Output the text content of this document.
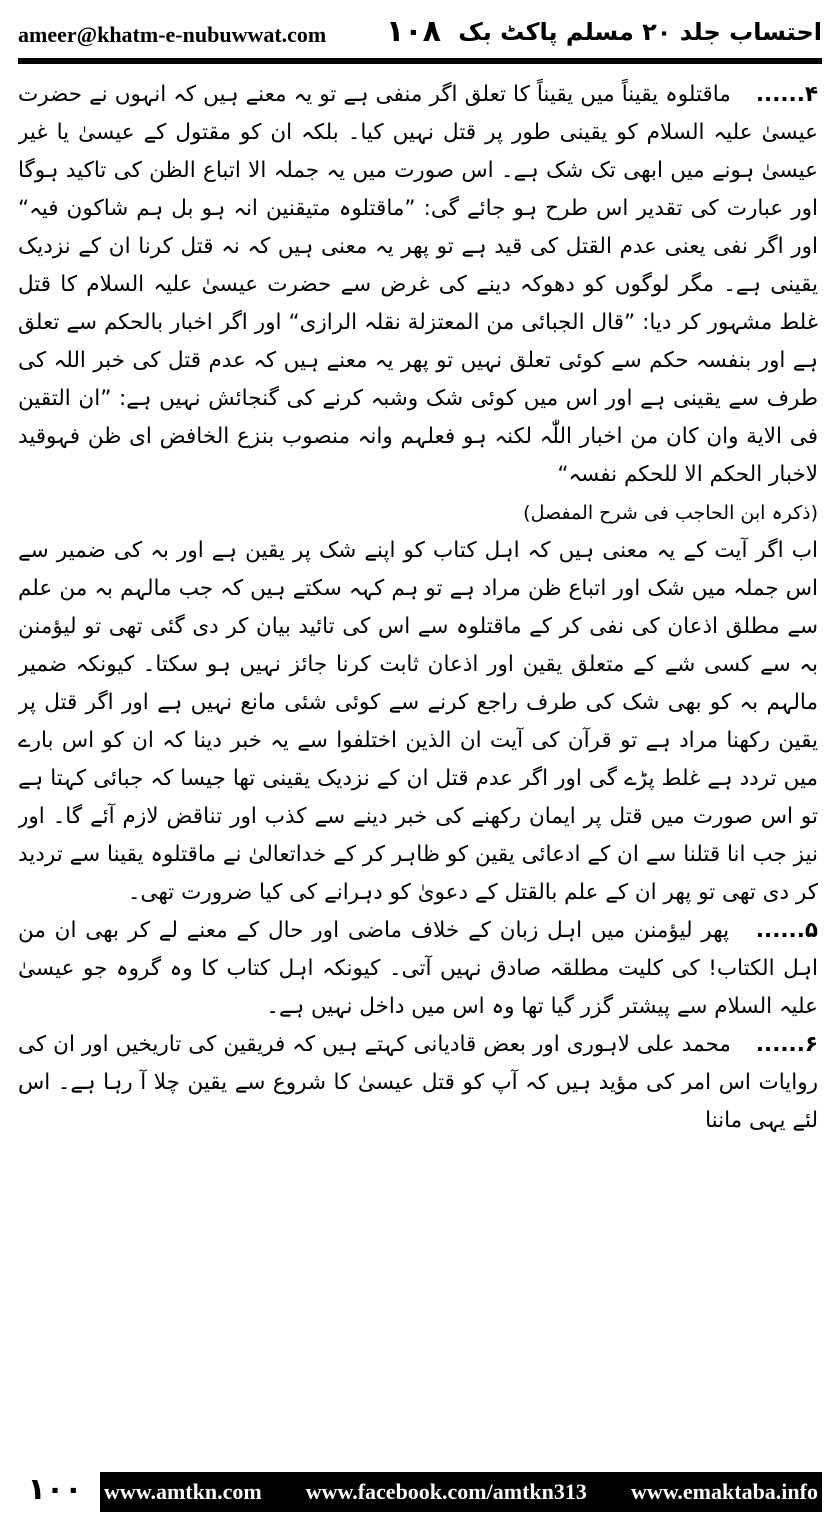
ameer@khatm-e-nubuwwat.com ۱۰۸ احتساب جلد ۲۰ مسلم پاکٹ بک

۴...... ماقتلوہ یقیناً میں یقیناً کا تعلق اگر منفی ہے تو یہ معنے ہیں کہ انہوں نے حضرت عیسیٰ علیہ السلام کو یقینی طور پر قتل نہیں کیا۔ بلکہ ان کو مقتول کے عیسیٰ یا غیر عیسیٰ ہونے میں ابھی تک شک ہے۔ اس صورت میں یہ جملہ الا اتباع الظن کی تاکید ہوگا اور عبارت کی تقدیر اس طرح ہو جائے گی: ”ماقتلوہ متیقنین انہ ہو بل ہم شاکون فیہ“ اور اگر نفی یعنی عدم القتل کی قید ہے تو پھر یہ معنی ہیں کہ نہ قتل کرنا ان کے نزدیک یقینی ہے۔ مگر لوگوں کو دھوکہ دینے کی غرض سے حضرت عیسیٰ علیہ السلام کا قتل غلط مشہور کر دیا: ”قال الجبائی من المعتزلة نقلہ الرازی“ اور اگر اخبار بالحکم سے تعلق ہے اور بنفسہ حکم سے کوئی تعلق نہیں تو پھر یہ معنے ہیں کہ عدم قتل کی خبر اللہ کی طرف سے یقینی ہے اور اس میں کوئی شک وشبہ کرنے کی گنجائش نہیں ہے: ”ان التقین فی الایة وان کان من اخبار اللّٰہ لکنہ ہو فعلہم وانہ منصوب بنزع الخافض ای ظن فہوقید لاخبار الحکم الا للحکم نفسہ“

(ذکرہ ابن الحاجب فی شرح المفصل)

اب اگر آیت کے یہ معنی ہیں کہ اہل کتاب کو اپنے شک پر یقین ہے اور بہ کی ضمیر سے اس جملہ میں شک اور اتباع ظن مراد ہے تو ہم کہہ سکتے ہیں کہ جب مالہم بہ من علم سے مطلق اذعان کی نفی کر کے ماقتلوہ سے اس کی تائید بیان کر دی گئی تھی تو لیؤمنن بہ سے کسی شے کے متعلق یقین اور اذعان ثابت کرنا جائز نہیں ہو سکتا۔ کیونکہ ضمیر مالہم بہ کو بھی شک کی طرف راجع کرنے سے کوئی شئی مانع نہیں ہے اور اگر قتل پر یقین رکھنا مراد ہے تو قرآن کی آیت ان الذین اختلفوا سے یہ خبر دینا کہ ان کو اس بارے میں تردد ہے غلط پڑے گی اور اگر عدم قتل ان کے نزدیک یقینی تھا جیسا کہ جبائی کہتا ہے تو اس صورت میں قتل پر ایمان رکھنے کی خبر دینے سے کذب اور تناقض لازم آئے گا۔ اور نیز جب انا قتلنا سے ان کے ادعائی یقین کو ظاہر کر کے خداتعالیٰ نے ماقتلوہ یقینا سے تردید کر دی تھی تو پھر ان کے علم بالقتل کے دعویٰ کو دہرانے کی کیا ضرورت تھی۔

۵...... پھر لیؤمنن میں اہل زبان کے خلاف ماضی اور حال کے معنے لے کر بھی ان من اہل الکتاب! کی کلیت مطلقہ صادق نہیں آتی۔ کیونکہ اہل کتاب کا وہ گروہ جو عیسیٰ علیہ السلام سے پیشتر گزر گیا تھا وہ اس میں داخل نہیں ہے۔

۶...... محمد علی لاہوری اور بعض قادیانی کہتے ہیں کہ فریقین کی تاریخیں اور ان کی روایات اس امر کی مؤید ہیں کہ آپ کو قتل عیسیٰ کا شروع سے یقین چلا آ رہا ہے۔ اس لئے یہی ماننا

۱۰۰ www.amtkn.com www.facebook.com/amtkn313 www.emaktaba.info
